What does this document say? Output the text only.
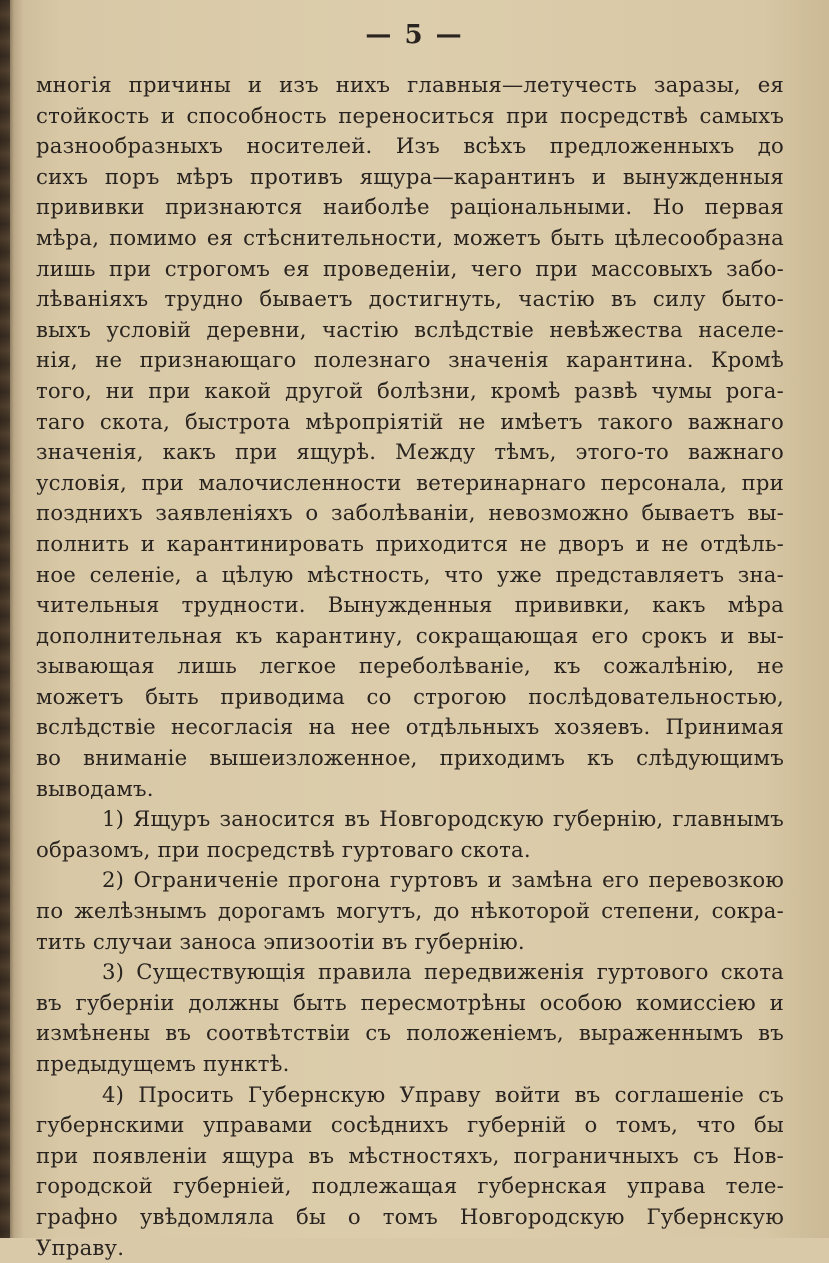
— 5 —
многія причины и изъ нихъ главныя—летучесть заразы, ея
стойкость и способность переноситься при посредствѣ самыхъ
разнообразныхъ носителей. Изъ всѣхъ предложенныхъ до
сихъ поръ мѣръ противъ ящура—карантинъ и вынужденныя
прививки признаются наиболѣе раціональными. Но первая
мѣра, помимо ея стѣснительности, можетъ быть цѣлесообразна
лишь при строгомъ ея проведеніи, чего при массовыхъ забо-
лѣваніяхъ трудно бываетъ достигнуть, частію въ силу быто-
выхъ условій деревни, частію вслѣдствіе невѣжества населе-
нія, не признающаго полезнаго значенія карантина. Кромѣ
того, ни при какой другой болѣзни, кромѣ развѣ чумы рога-
таго скота, быстрота мѣропріятій не имѣетъ такого важнаго
значенія, какъ при ящурѣ. Между тѣмъ, этого-то важнаго
условія, при малочисленности ветеринарнаго персонала, при
позднихъ заявленіяхъ о заболѣваніи, невозможно бываетъ вы-
полнить и карантинировать приходится не дворъ и не отдѣль-
ное селеніе, а цѣлую мѣстность, что уже представляетъ зна-
чительныя трудности. Вынужденныя прививки, какъ мѣра
дополнительная къ карантину, сокращающая его срокъ и вы-
зывающая лишь легкое переболѣваніе, къ сожалѣнію, не
можетъ быть приводима со строгою послѣдовательностью,
вслѣдствіе несогласія на нее отдѣльныхъ хозяевъ. Принимая
во вниманіе вышеизложенное, приходимъ къ слѣдующимъ
выводамъ.
1) Ящуръ заносится въ Новгородскую губернію, главнымъ
образомъ, при посредствѣ гуртоваго скота.
2) Ограниченіе прогона гуртовъ и замѣна его перевозкою
по желѣзнымъ дорогамъ могутъ, до нѣкоторой степени, сокра-
тить случаи заноса эпизоотіи въ губернію.
3) Существующія правила передвиженія гуртового скота
въ губерніи должны быть пересмотрѣны особою комиссіею и
измѣнены въ соотвѣтствіи съ положеніемъ, выраженнымъ въ
предыдущемъ пунктѣ.
4) Просить Губернскую Управу войти въ соглашеніе съ
губернскими управами сосѣднихъ губерній о томъ, что бы
при появленіи ящура въ мѣстностяхъ, пограничныхъ съ Нов-
городской губерніей, подлежащая губернская управа теле-
графно увѣдомляла бы о томъ Новгородскую Губернскую
Управу.
